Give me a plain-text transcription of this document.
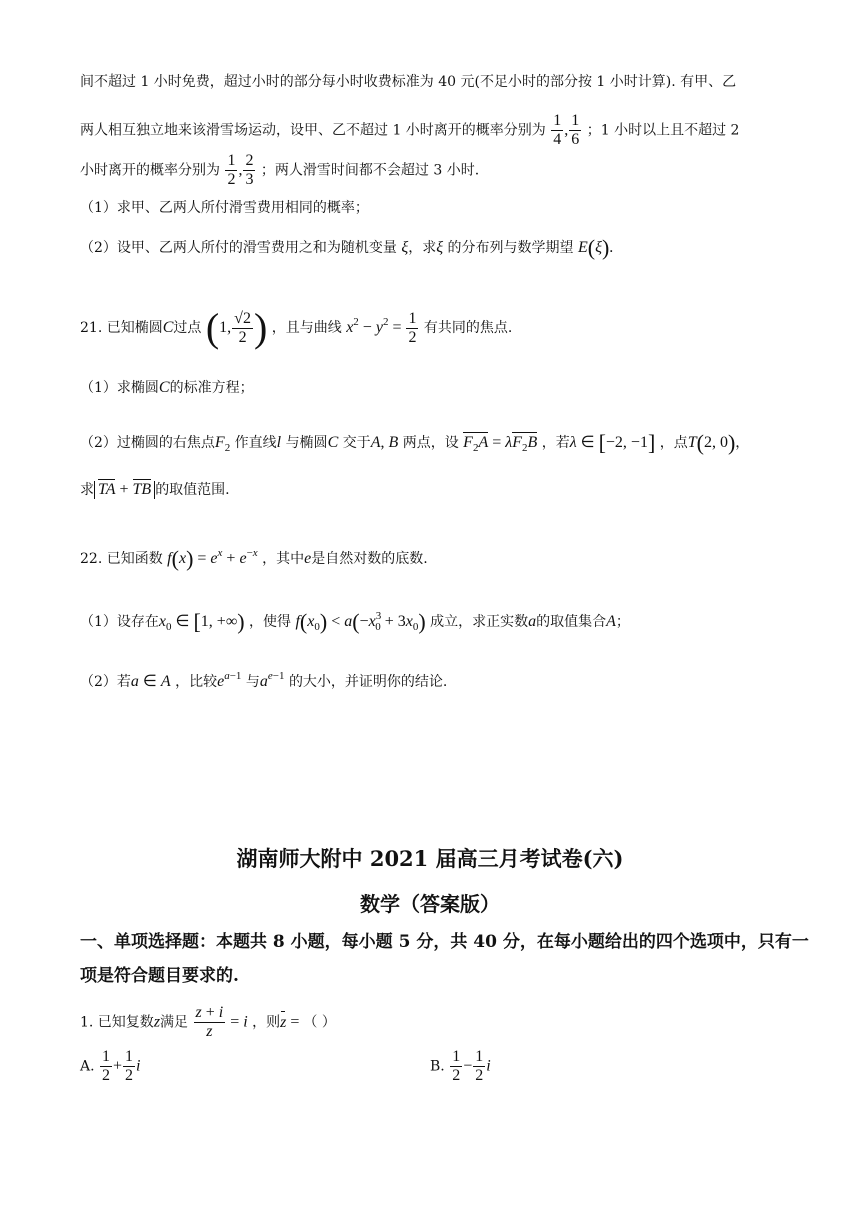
间不超过 1 小时免费，超过小时的部分每小时收费标准为 40 元(不足小时的部分按 1 小时计算). 有甲、乙
两人相互独立地来该滑雪场运动，设甲、乙不超过 1 小时离开的概率分别为 $\frac{1}{4}$ , $\frac{1}{6}$ ；1 小时以上且不超过 2
小时离开的概率分别为 $\frac{1}{2}$ , $\frac{2}{3}$ ；两人滑雪时间都不会超过 3 小时.
（1）求甲、乙两人所付滑雪费用相同的概率；
（2）设甲、乙两人所付的滑雪费用之和为随机变量 ξ，求ξ 的分布列与数学期望 E(ξ).
21. 已知椭圆C过点 (1, $\frac{√2}{2}$ ) ，且与曲线 $x^2 - y^2 = \frac{1}{2}$ 有共同的焦点.
（1）求椭圆C的标准方程；
（2）过椭圆的右焦点$F_2$ 作直线l 与椭圆C 交于A, B 两点，设 $F_2A = \lambda F_2B$ ，若λ ∈ [−2, −1] ，点T(2, 0)，
求 TA + TB 的取值范围.
22. 已知函数 $f(x) = e^x + e^{-x}$ ，其中e是自然对数的底数.
（1）设存在$x_0$ ∈ [1, +∞) ，使得 $f(x_0) < a(-x^3_0 + 3x_0)$ 成立，求正实数a的取值集合A；
（2）若a ∈ A ，比较$e^{a-1}$ 与$a^{e-1}$ 的大小，并证明你的结论.
湖南师大附中 2021 届高三月考试卷(六)
数学（答案版）
一、单项选择题：本题共 8 小题，每小题 5 分，共 40 分，在每小题给出的四个选项中，只有一
项是符合题目要求的.
1. 已知复数z满足 $\frac{z + i}{z} = i$ ，则z = （ ）
A. $\frac{1}{2} + \frac{1}{2}$ i	B. $\frac{1}{2} - \frac{1}{2}$ i
